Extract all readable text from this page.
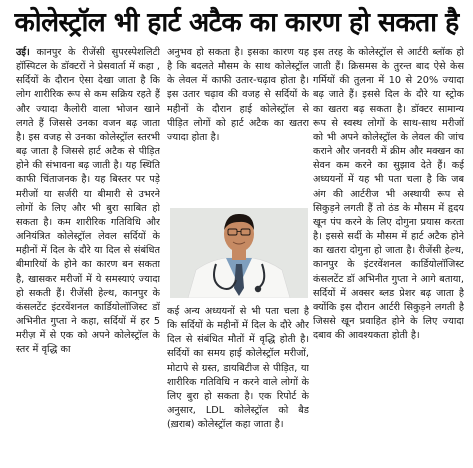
कोलेस्ट्रॉल भी हार्ट अटैक का कारण हो सकता है

उई। कानपुर के रीजेंसी सुपरस्पेशलिटी हॉस्पिटल के डॉक्टरों ने प्रेसवार्ता में कहा , सर्दियों के दौरान ऐसा देखा जाता है कि लोग शारीरिक रूप से कम सक्रिय रहते हैं और ज्यादा कैलोरी वाला भोजन खाने लगते हैं जिससे उनका वजन बढ़ जाता है। इस वजह से उनका कोलेस्ट्रॉल स्तरभी बढ़ जाता है जिससे हार्ट अटैक से पीड़ित होने की संभावना बढ़ जाती है। यह स्थिति काफी चिंताजनक है। यह बिस्तर पर पड़े मरीजों या सर्जरी या बीमारी से उभरने लोगों के लिए और भी बुरा साबित हो सकता है। कम शारीरिक गतिविधि और अनियंत्रित कोलेस्ट्रॉल लेवल सर्दियों के महीनों में दिल के दौरे या दिल से संबंधित बीमारियों के होने का कारण बन सकता है, खासकर मरीजों में ये समस्याएं ज्यादा हो सकती हैं। रीजेंसी हेल्थ, कानपुर के कंसलटेंट इंटरवेंशनल कार्डियोलॉजिस्ट डॉ अभिनीत गुप्ता ने कहा, सर्दियों में हर 5 मरीज़ में से एक को अपने कोलेस्ट्रॉल के स्तर में वृद्धि का

अनुभव हो सकता है। इसका कारण यह है कि बदलते मौसम के साथ कोलेस्ट्रॉल के लेवल में काफी उतार-चढ़ाव होता है। इस उतार चढ़ाव की वजह से सर्दियों के महीनों के दौरान हाई कोलेस्ट्रॉल से पीड़ित लोगों को हार्ट अटैक का खतरा ज्यादा होता है।

कई अन्य अध्ययनों से भी पता चला है कि सर्दियों के महीनों में दिल के दौरे और दिल से संबंधित मौतों में वृद्धि होती है। सर्दियों का समय हाई कोलेस्ट्रॉल मरीजों, मोटापे से ग्रस्त, डायबिटीज से पीड़ित, या शारीरिक गतिविधि न करने वाले लोगों के लिए बुरा हो सकता है। एक रिपोर्ट के अनुसार, LDL कोलेस्ट्रॉल को बैड (ख़राब) कोलेस्ट्रॉल कहा जाता है।

इस तरह के कोलेस्ट्रॉल से आर्टरी ब्लॉक हो जाती हैं। क्रिसमस के तुरन्त बाद ऐसे केस गर्मियों की तुलना में 10 से 20% ज्यादा बढ़ जाते हैं। इससे दिल के दौरे या स्ट्रोक का खतरा बढ़ सकता है। डॉक्टर सामान्य रूप से स्वस्थ लोगों के साथ-साथ मरीजों को भी अपने कोलेस्ट्रॉल के लेवल की जांच कराने और जनवरी में क्रीम और मक्खन का सेवन कम करने का सुझाव देते हैं। कई अध्ययनों में यह भी पता चला है कि जब अंग की आर्टरीज भी अस्थायी रूप से सिकुड़ने लगती हैं तो ठंड के मौसम में हृदय खून पंप करने के लिए दोगुना प्रयास करता है। इससे सर्दी के मौसम में हार्ट अटैक होने का खतरा दोगुना हो जाता है। रीजेंसी हेल्थ, कानपुर के इंटरवेंशनल कार्डियोलॉजिस्ट कंसलटेंट डॉ अभिनीत गुप्ता ने आगे बताया, सर्दियों में अक्सर ब्लड प्रेशर बढ़ जाता है क्योंकि इस दौरान आर्टरी सिकुड़ने लगती है जिससे खून प्रवाहित होने के लिए ज्यादा दबाव की आवश्यकता होती है।
